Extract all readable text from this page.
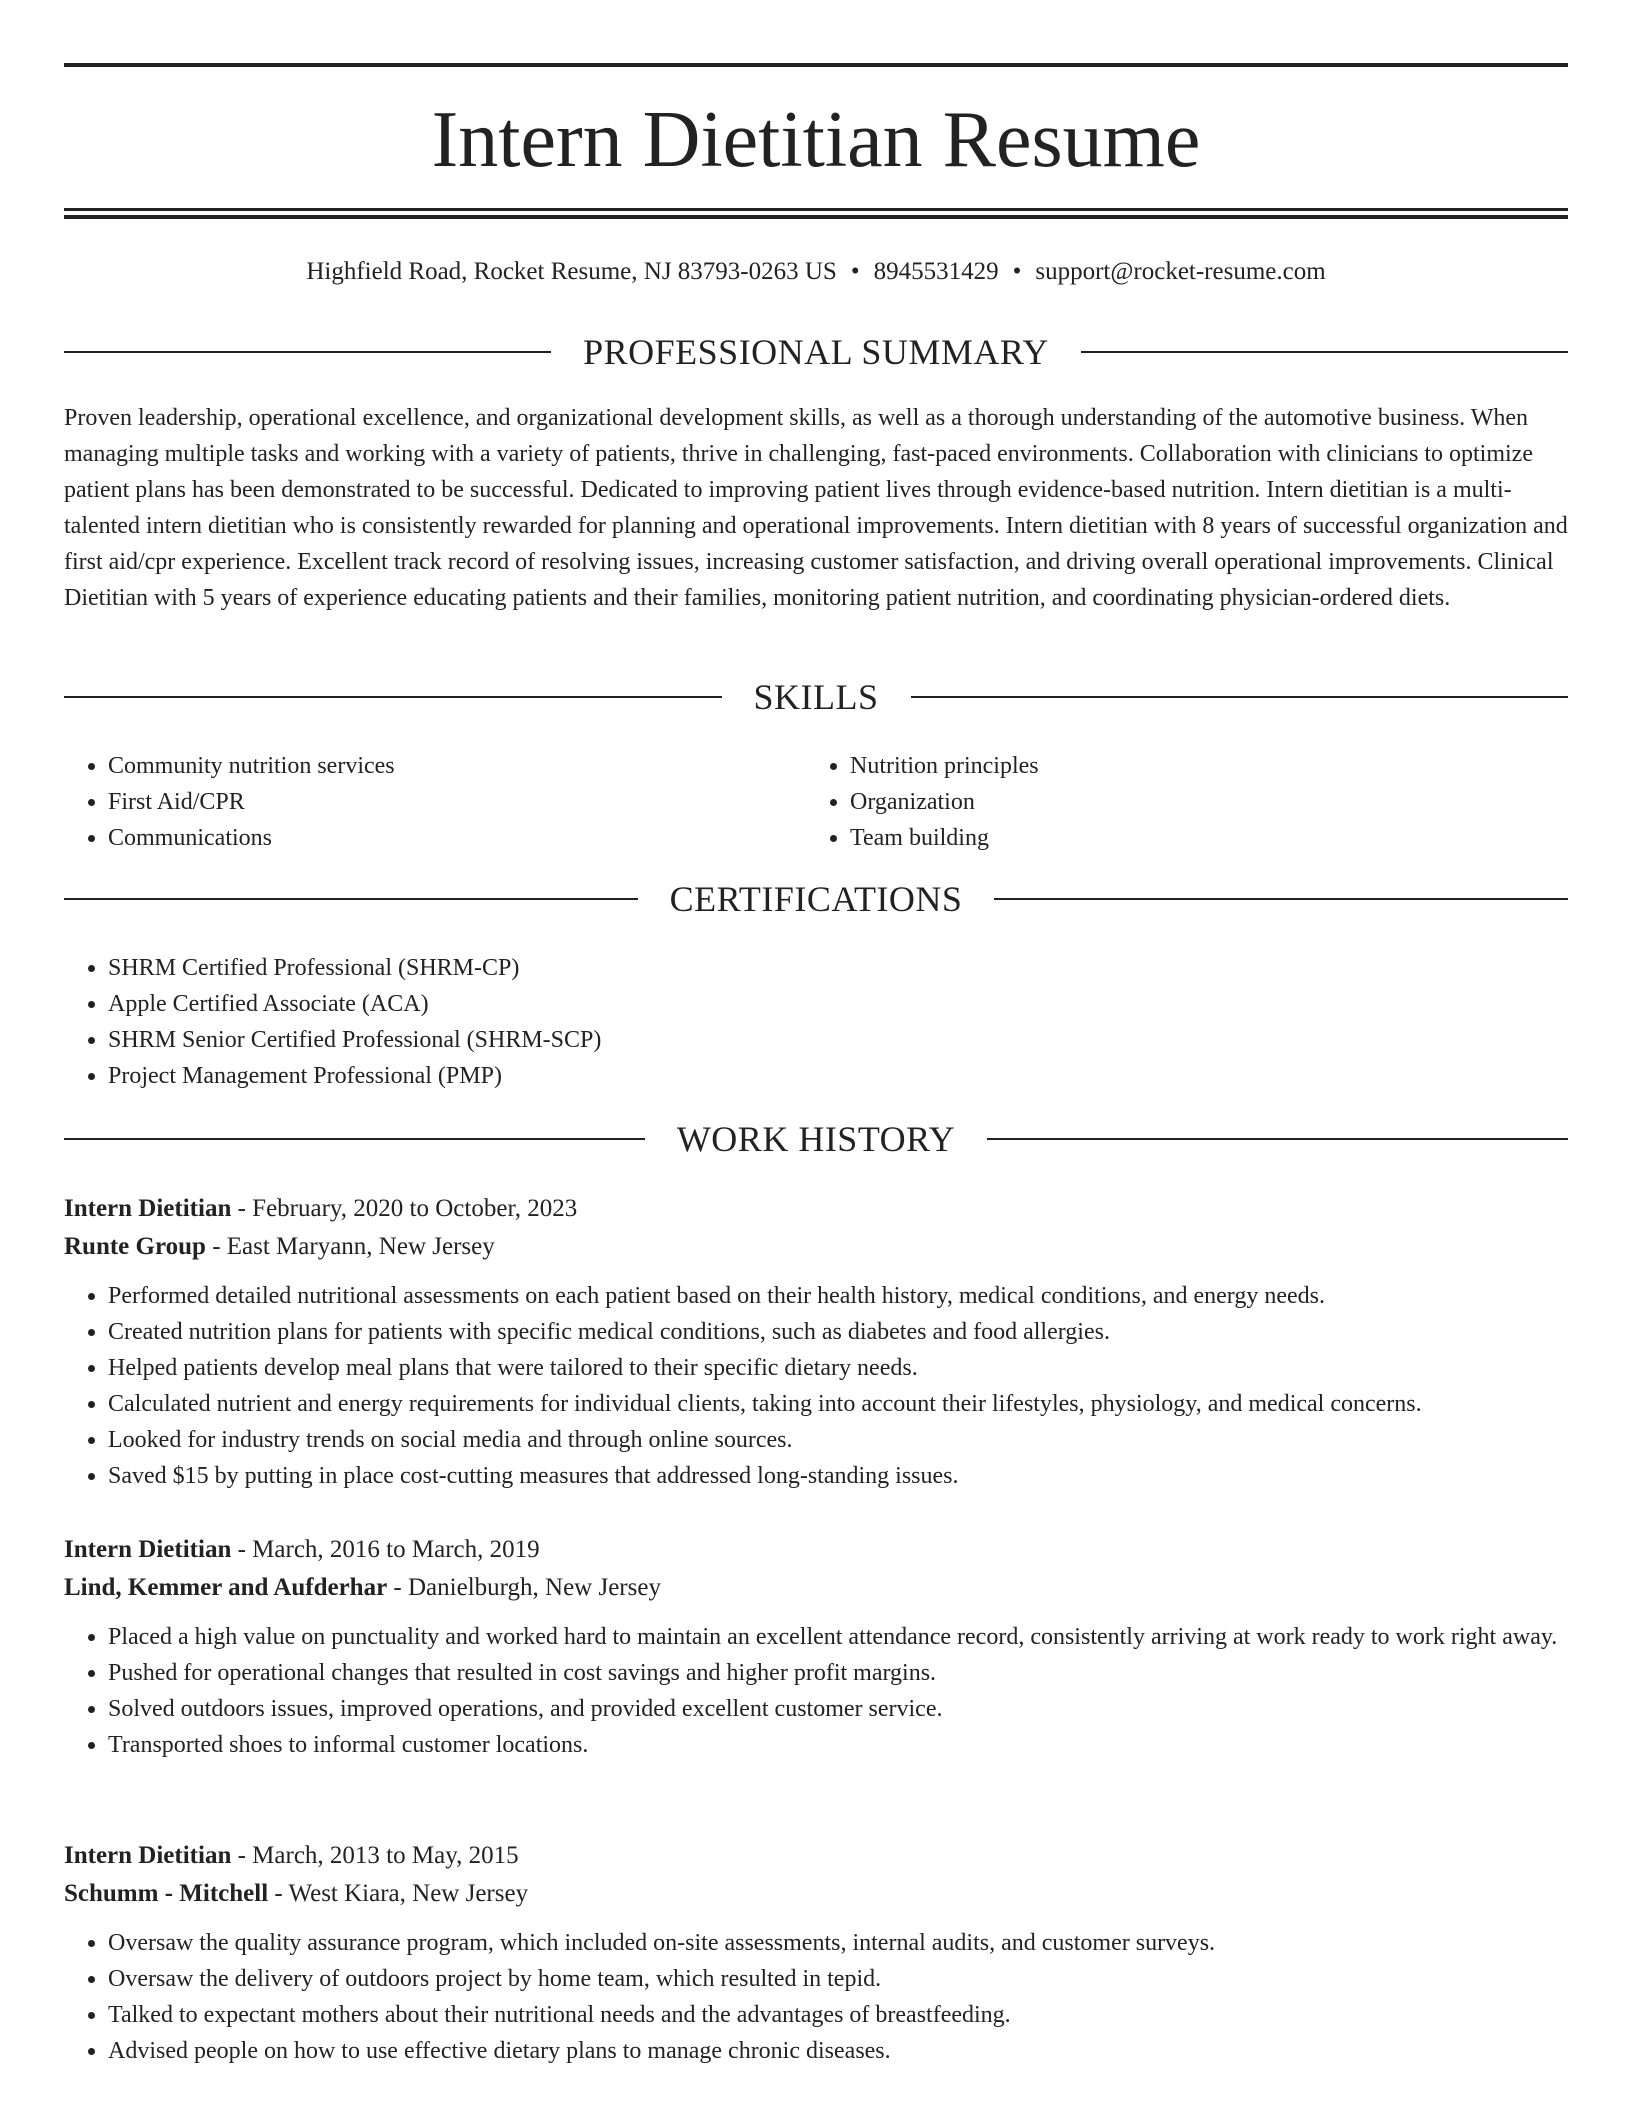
Intern Dietitian Resume
Highfield Road, Rocket Resume, NJ 83793-0263 US • 8945531429 • support@rocket-resume.com
PROFESSIONAL SUMMARY

Proven leadership, operational excellence, and organizational development skills, as well as a thorough understanding of the automotive business. When managing multiple tasks and working with a variety of patients, thrive in challenging, fast-paced environments. Collaboration with clinicians to optimize patient plans has been demonstrated to be successful. Dedicated to improving patient lives through evidence-based nutrition. Intern dietitian is a multi-talented intern dietitian who is consistently rewarded for planning and operational improvements. Intern dietitian with 8 years of successful organization and first aid/cpr experience. Excellent track record of resolving issues, increasing customer satisfaction, and driving overall operational improvements. Clinical Dietitian with 5 years of experience educating patients and their families, monitoring patient nutrition, and coordinating physician-ordered diets.

SKILLS
• Community nutrition services
• First Aid/CPR
• Communications
• Nutrition principles
• Organization
• Team building
CERTIFICATIONS
• SHRM Certified Professional (SHRM-CP)
• Apple Certified Associate (ACA)
• SHRM Senior Certified Professional (SHRM-SCP)
• Project Management Professional (PMP)
WORK HISTORY
Intern Dietitian - February, 2020 to October, 2023
Runte Group - East Maryann, New Jersey
• Performed detailed nutritional assessments on each patient based on their health history, medical conditions, and energy needs.
• Created nutrition plans for patients with specific medical conditions, such as diabetes and food allergies.
• Helped patients develop meal plans that were tailored to their specific dietary needs.
• Calculated nutrient and energy requirements for individual clients, taking into account their lifestyles, physiology, and medical concerns.
• Looked for industry trends on social media and through online sources.
• Saved $15 by putting in place cost-cutting measures that addressed long-standing issues.
Intern Dietitian - March, 2016 to March, 2019
Lind, Kemmer and Aufderhar - Danielburgh, New Jersey
• Placed a high value on punctuality and worked hard to maintain an excellent attendance record, consistently arriving at work ready to work right away.
• Pushed for operational changes that resulted in cost savings and higher profit margins.
• Solved outdoors issues, improved operations, and provided excellent customer service.
• Transported shoes to informal customer locations.
Intern Dietitian - March, 2013 to May, 2015
Schumm - Mitchell - West Kiara, New Jersey
• Oversaw the quality assurance program, which included on-site assessments, internal audits, and customer surveys.
• Oversaw the delivery of outdoors project by home team, which resulted in tepid.
• Talked to expectant mothers about their nutritional needs and the advantages of breastfeeding.
• Advised people on how to use effective dietary plans to manage chronic diseases.
